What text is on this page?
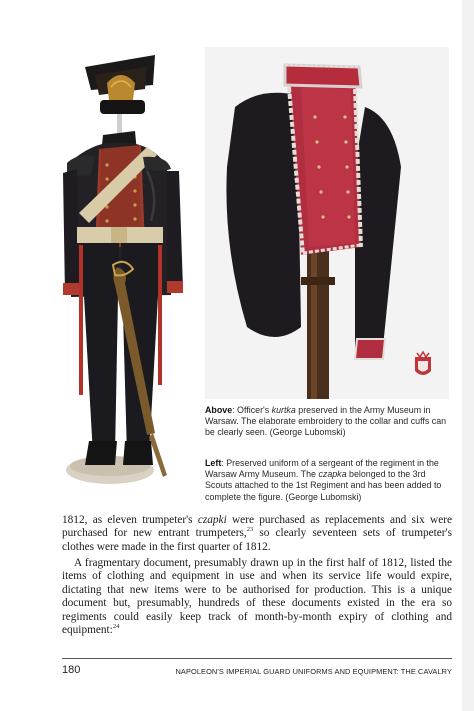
Above: Officer's kurtka preserved in the Army Museum in Warsaw. The elaborate embroidery to the collar and cuffs can be clearly seen. (George Lubomski)
Left: Preserved uniform of a sergeant of the regiment in the Warsaw Army Museum. The czapka belonged to the 3rd Scouts attached to the 1st Regiment and has been added to complete the figure. (George Lubomski)

1812, as eleven trumpeter's czapki were purchased as replacements and six were purchased for new entrant trumpeters,$^{23}$ so clearly seventeen sets of trumpeter's clothes were made in the first quarter of 1812.

A fragmentary document, presumably drawn up in the first half of 1812, listed the items of clothing and equipment in use and when its service life would expire, dictating that new items were to be authorised for production. This is a unique document but, presumably, hundreds of these documents existed in the era so regiments could easily keep track of month-by-month expiry of clothing and equipment:$^{24}$

180	NAPOLEON'S IMPERIAL GUARD UNIFORMS AND EQUIPMENT: THE CAVALRY
